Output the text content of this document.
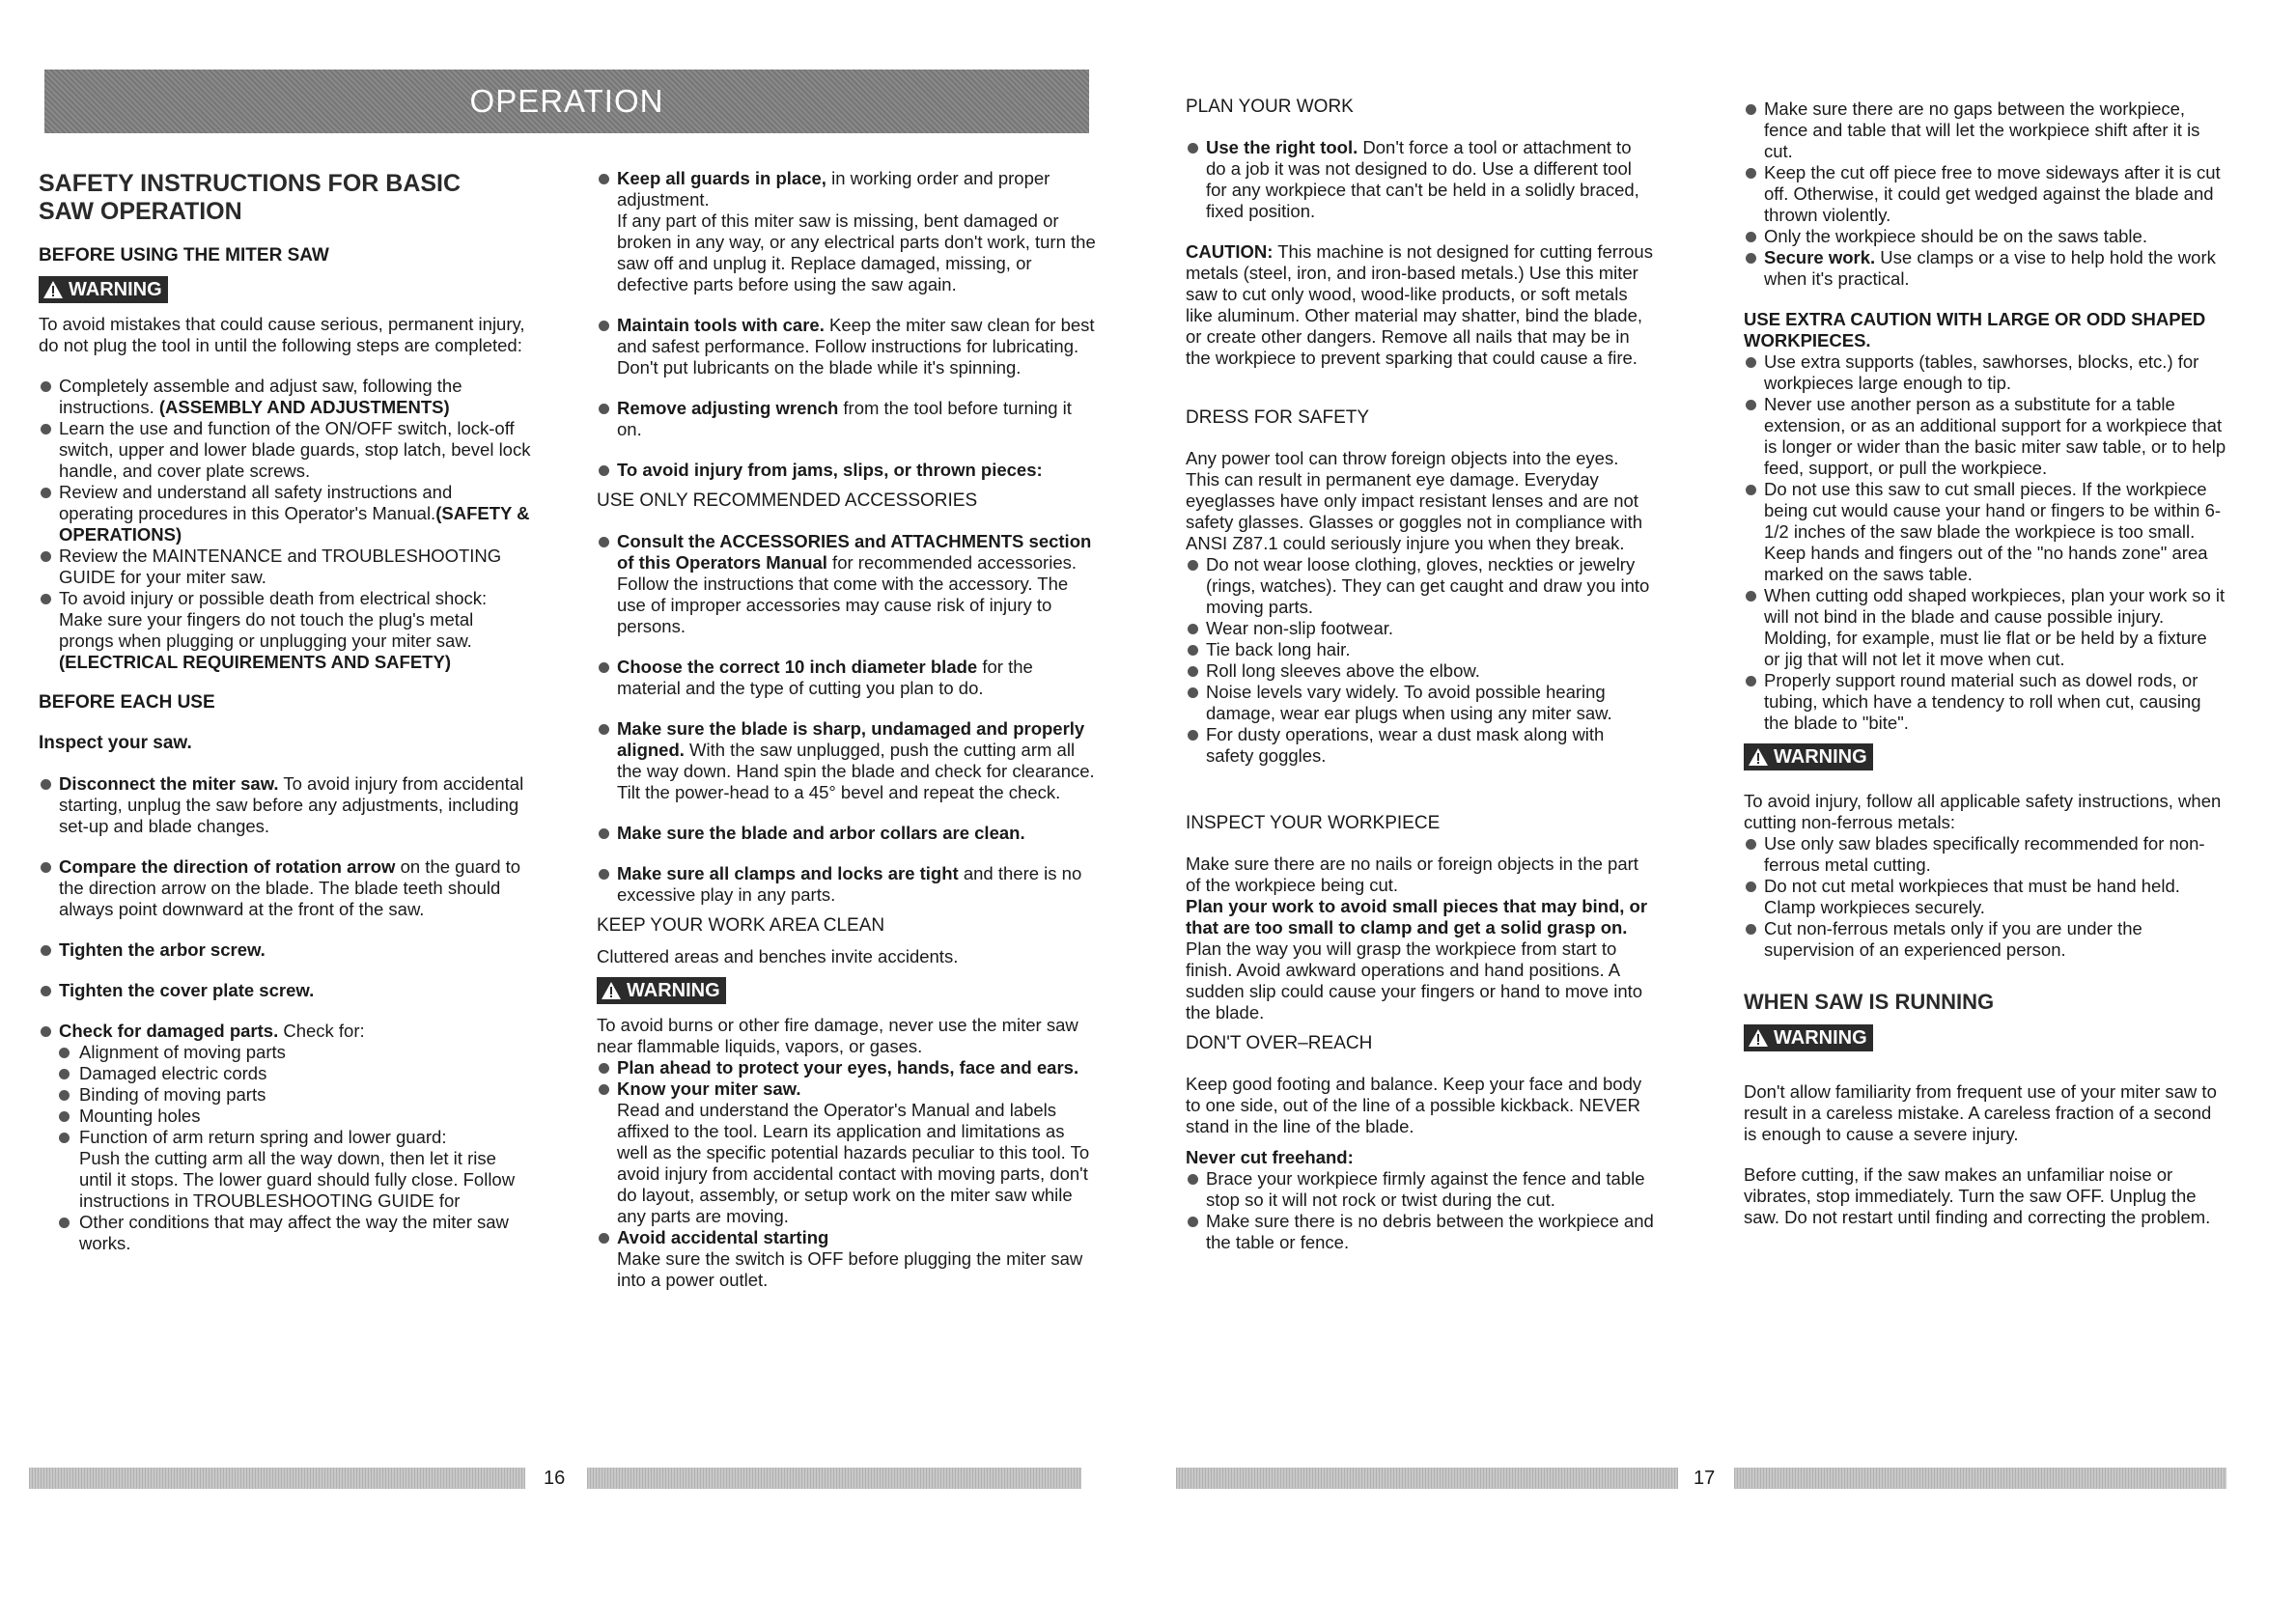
OPERATION
SAFETY INSTRUCTIONS FOR BASIC SAW OPERATION
BEFORE USING THE MITER SAW
WARNING

To avoid mistakes that could cause serious, permanent injury, do not plug the tool in until the following steps are completed:

Completely assemble and adjust saw, following the instructions. (ASSEMBLY AND ADJUSTMENTS)

Learn the use and function of the ON/OFF switch, lock-off switch, upper and lower blade guards, stop latch, bevel lock handle, and cover plate screws.

Review and understand all safety instructions and operating procedures in this Operator's Manual.(SAFETY & OPERATIONS)

Review the MAINTENANCE and TROUBLESHOOTING GUIDE for your miter saw.

To avoid injury or possible death from electrical shock: Make sure your fingers do not touch the plug's metal prongs when plugging or unplugging your miter saw. (ELECTRICAL REQUIREMENTS AND SAFETY)

BEFORE EACH USE
Inspect your saw.

Disconnect the miter saw. To avoid injury from accidental starting, unplug the saw before any adjustments, including set-up and blade changes.

Compare the direction of rotation arrow on the guard to the direction arrow on the blade. The blade teeth should always point downward at the front of the saw.

Tighten the arbor screw.

Tighten the cover plate screw.

Check for damaged parts. Check for:

Alignment of moving parts

Damaged electric cords

Binding of moving parts

Mounting holes

Function of arm return spring and lower guard:

Push the cutting arm all the way down, then let it rise until it stops. The lower guard should fully close. Follow instructions in TROUBLESHOOTING GUIDE for

Other conditions that may affect the way the miter saw works.

Keep all guards in place, in working order and proper adjustment.

If any part of this miter saw is missing, bent damaged or broken in any way, or any electrical parts don't work, turn the saw off and unplug it. Replace damaged, missing, or defective parts before using the saw again.

Maintain tools with care. Keep the miter saw clean for best and safest performance. Follow instructions for lubricating. Don't put lubricants on the blade while it's spinning.

Remove adjusting wrench from the tool before turning it on.

To avoid injury from jams, slips, or thrown pieces:

USE ONLY RECOMMENDED ACCESSORIES

Consult the ACCESSORIES and ATTACHMENTS section of this Operators Manual for recommended accessories. Follow the instructions that come with the accessory. The use of improper accessories may cause risk of injury to persons.

Choose the correct 10 inch diameter blade for the material and the type of cutting you plan to do.

Make sure the blade is sharp, undamaged and properly aligned. With the saw unplugged, push the cutting arm all the way down. Hand spin the blade and check for clearance. Tilt the power-head to a 45° bevel and repeat the check.

Make sure the blade and arbor collars are clean.

Make sure all clamps and locks are tight and there is no excessive play in any parts.

KEEP YOUR WORK AREA CLEAN

Cluttered areas and benches invite accidents.

WARNING

To avoid burns or other fire damage, never use the miter saw near flammable liquids, vapors, or gases.

Plan ahead to protect your eyes, hands, face and ears.

Know your miter saw.

Read and understand the Operator's Manual and labels affixed to the tool. Learn its application and limitations as well as the specific potential hazards peculiar to this tool. To avoid injury from accidental contact with moving parts, don't do layout, assembly, or setup work on the miter saw while any parts are moving.

Avoid accidental starting

Make sure the switch is OFF before plugging the miter saw into a power outlet.

PLAN YOUR WORK

Use the right tool. Don't force a tool or attachment to do a job it was not designed to do. Use a different tool for any workpiece that can't be held in a solidly braced, fixed position.

CAUTION: This machine is not designed for cutting ferrous metals (steel, iron, and iron-based metals.) Use this miter saw to cut only wood, wood-like products, or soft metals like aluminum. Other material may shatter, bind the blade, or create other dangers. Remove all nails that may be in the workpiece to prevent sparking that could cause a fire.

DRESS FOR SAFETY

Any power tool can throw foreign objects into the eyes. This can result in permanent eye damage. Everyday eyeglasses have only impact resistant lenses and are not safety glasses. Glasses or goggles not in compliance with ANSI Z87.1 could seriously injure you when they break.

Do not wear loose clothing, gloves, neckties or jewelry (rings, watches). They can get caught and draw you into moving parts.

Wear non-slip footwear.

Tie back long hair.

Roll long sleeves above the elbow.

Noise levels vary widely. To avoid possible hearing damage, wear ear plugs when using any miter saw.

For dusty operations, wear a dust mask along with safety goggles.

INSPECT YOUR WORKPIECE

Make sure there are no nails or foreign objects in the part of the workpiece being cut.

Plan your work to avoid small pieces that may bind, or that are too small to clamp and get a solid grasp on.

Plan the way you will grasp the workpiece from start to finish. Avoid awkward operations and hand positions. A sudden slip could cause your fingers or hand to move into the blade.

DON'T OVER–REACH

Keep good footing and balance. Keep your face and body to one side, out of the line of a possible kickback. NEVER stand in the line of the blade.

Never cut freehand:

Brace your workpiece firmly against the fence and table stop so it will not rock or twist during the cut.

Make sure there is no debris between the workpiece and the table or fence.

Make sure there are no gaps between the workpiece, fence and table that will let the workpiece shift after it is cut.

Keep the cut off piece free to move sideways after it is cut off. Otherwise, it could get wedged against the blade and thrown violently.

Only the workpiece should be on the saws table.

Secure work. Use clamps or a vise to help hold the work when it's practical.

USE EXTRA CAUTION WITH LARGE OR ODD SHAPED WORKPIECES.

Use extra supports (tables, sawhorses, blocks, etc.) for workpieces large enough to tip.

Never use another person as a substitute for a table extension, or as an additional support for a workpiece that is longer or wider than the basic miter saw table, or to help feed, support, or pull the workpiece.

Do not use this saw to cut small pieces. If the workpiece being cut would cause your hand or fingers to be within 6-1/2 inches of the saw blade the workpiece is too small. Keep hands and fingers out of the "no hands zone" area marked on the saws table.

When cutting odd shaped workpieces, plan your work so it will not bind in the blade and cause possible injury. Molding, for example, must lie flat or be held by a fixture or jig that will not let it move when cut.

Properly support round material such as dowel rods, or tubing, which have a tendency to roll when cut, causing the blade to "bite".

WARNING

To avoid injury, follow all applicable safety instructions, when cutting non-ferrous metals:

Use only saw blades specifically recommended for non-ferrous metal cutting.

Do not cut metal workpieces that must be hand held. Clamp workpieces securely.

Cut non-ferrous metals only if you are under the supervision of an experienced person.

WHEN SAW IS RUNNING
WARNING

Don't allow familiarity from frequent use of your miter saw to result in a careless mistake. A careless fraction of a second is enough to cause a severe injury.

Before cutting, if the saw makes an unfamiliar noise or vibrates, stop immediately. Turn the saw OFF. Unplug the saw. Do not restart until finding and correcting the problem.

16	17
